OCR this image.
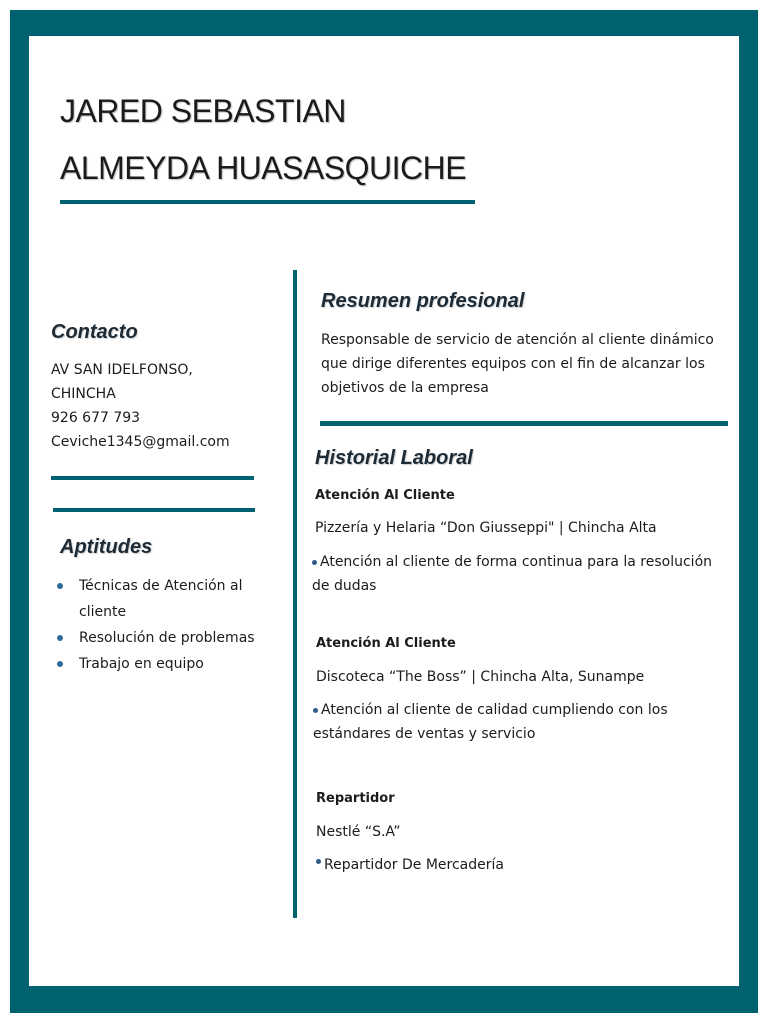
JARED SEBASTIAN
ALMEYDA HUASASQUICHE
Contacto
AV SAN IDELFONSO,
CHINCHA
926 677 793
Ceviche1345@gmail.com
Aptitudes
Técnicas de Atención al cliente
Resolución de problemas
Trabajo en equipo
Resumen profesional
Responsable de servicio de atención al cliente dinámico que dirige diferentes equipos con el fin de alcanzar los objetivos de la empresa
Historial Laboral
Atención Al Cliente
Pizzería y Helaria “Don Giusseppi" | Chincha Alta
Atención al cliente de forma continua para la resolución de dudas
Atención Al Cliente
Discoteca “The Boss” | Chincha Alta, Sunampe
Atención al cliente de calidad cumpliendo con los estándares de ventas y servicio
Repartidor
Nestlé “S.A”
Repartidor De Mercadería
